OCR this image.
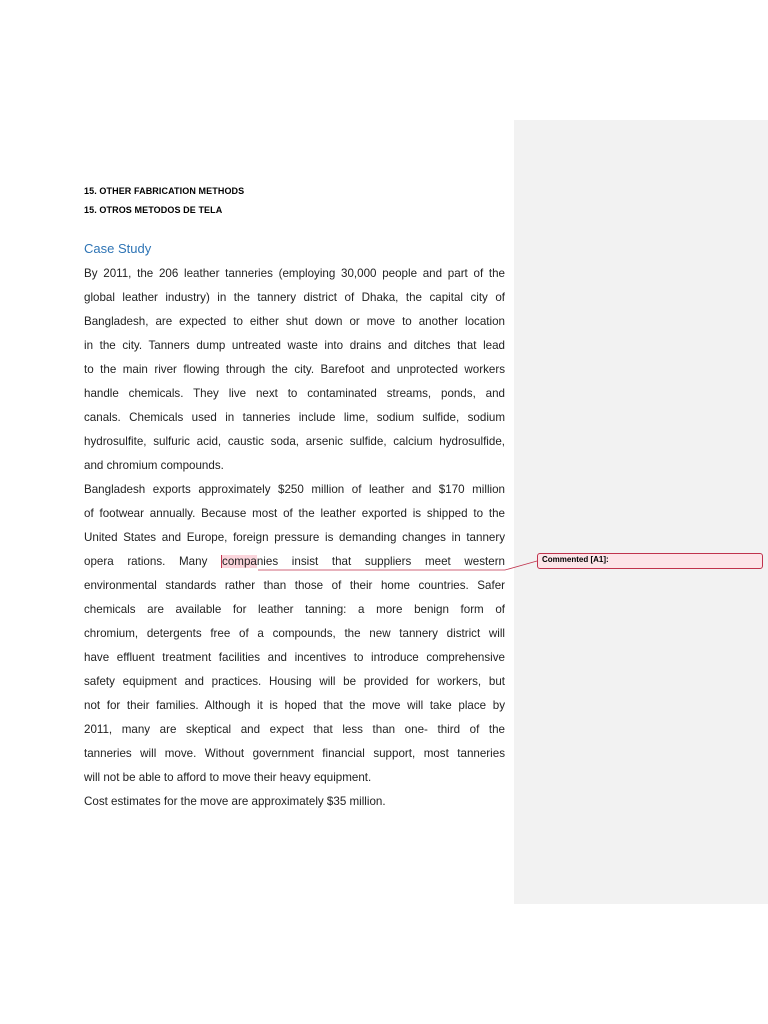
15. OTHER FABRICATION METHODS
15. OTROS METODOS DE TELA
Case Study
By 2011, the 206 leather tanneries (employing 30,000 people and part of the
global leather industry) in the tannery district of Dhaka, the capital city of
Bangladesh, are expected to either shut down or move to another location
in the city. Tanners dump untreated waste into drains and ditches that lead
to the main river flowing through the city. Barefoot and unprotected workers
handle chemicals. They live next to contaminated streams, ponds, and
canals. Chemicals used in tanneries include lime, sodium sulfide, sodium
hydrosulfite, sulfuric acid, caustic soda, arsenic sulfide, calcium hydrosulfide,
and chromium compounds.
Bangladesh exports approximately $250 million of leather and $170 million
of footwear annually. Because most of the leather exported is shipped to the
United States and Europe, foreign pressure is demanding changes in tannery
opera rations. Many companies insist that suppliers meet western
environmental standards rather than those of their home countries. Safer
chemicals are available for leather tanning: a more benign form of
chromium, detergents free of a compounds, the new tannery district will
have effluent treatment facilities and incentives to introduce comprehensive
safety equipment and practices. Housing will be provided for workers, but
not for their families. Although it is hoped that the move will take place by
2011, many are skeptical and expect that less than one- third of the
tanneries will move. Without government financial support, most tanneries
will not be able to afford to move their heavy equipment.
Cost estimates for the move are approximately $35 million.
Commented [A1]:
